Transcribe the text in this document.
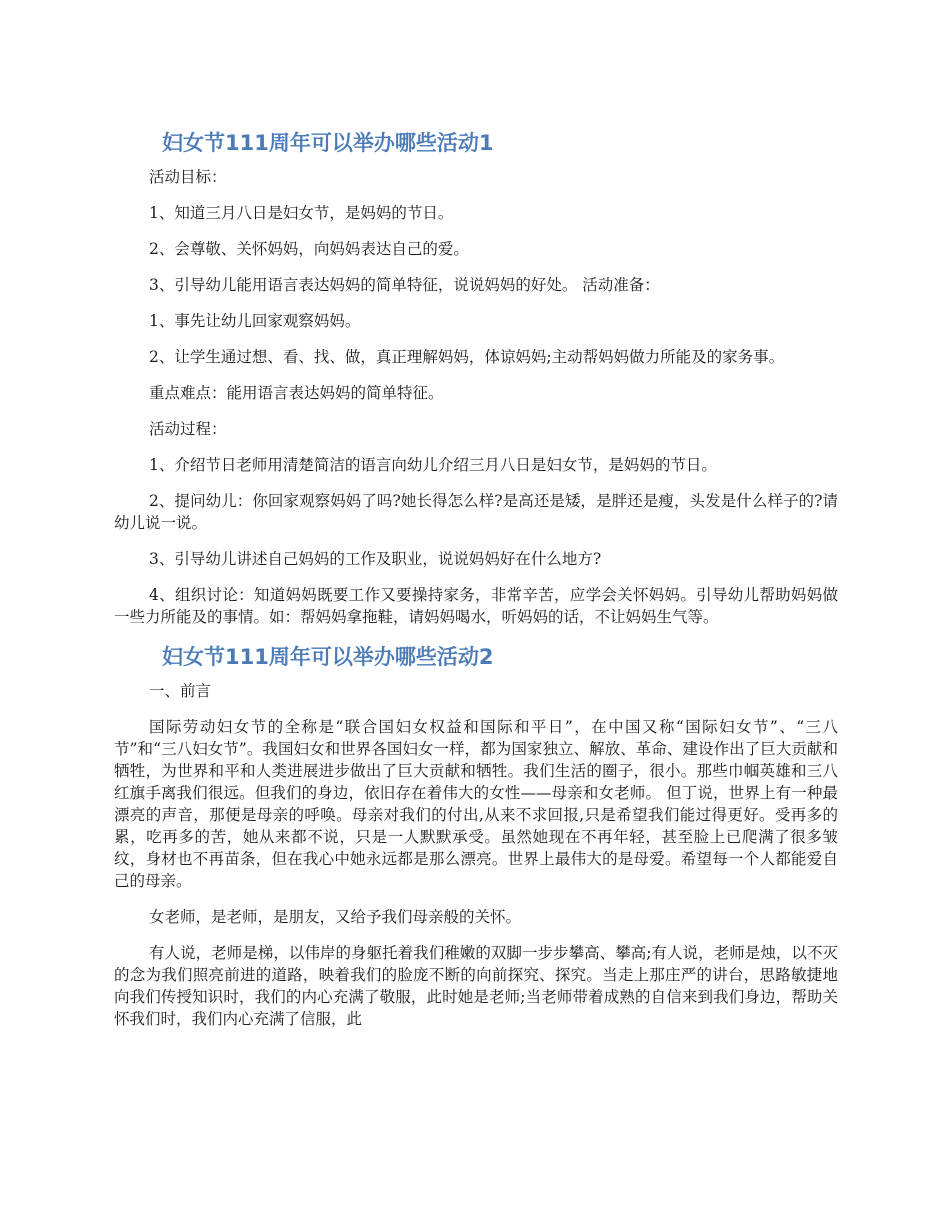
妇女节111周年可以举办哪些活动1

活动目标：

1、知道三月八日是妇女节，是妈妈的节日。

2、会尊敬、关怀妈妈，向妈妈表达自己的爱。

3、引导幼儿能用语言表达妈妈的简单特征，说说妈妈的好处。 活动准备：

1、事先让幼儿回家观察妈妈。

2、让学生通过想、看、找、做，真正理解妈妈，体谅妈妈;主动帮妈妈做力所能及的家务事。

重点难点：能用语言表达妈妈的简单特征。

活动过程：

1、介绍节日老师用清楚简洁的语言向幼儿介绍三月八日是妇女节，是妈妈的节日。

2、提问幼儿：你回家观察妈妈了吗?她长得怎么样?是高还是矮，是胖还是瘦，头发是什么样子的?请幼儿说一说。

3、引导幼儿讲述自己妈妈的工作及职业，说说妈妈好在什么地方?

4、组织讨论：知道妈妈既要工作又要操持家务，非常辛苦，应学会关怀妈妈。引导幼儿帮助妈妈做一些力所能及的事情。如：帮妈妈拿拖鞋，请妈妈喝水，听妈妈的话，不让妈妈生气等。

妇女节111周年可以举办哪些活动2

一、前言

国际劳动妇女节的全称是“联合国妇女权益和国际和平日”，在中国又称“国际妇女节”、“三八节”和“三八妇女节”。我国妇女和世界各国妇女一样，都为国家独立、解放、革命、建设作出了巨大贡献和牺牲，为世界和平和人类进展进步做出了巨大贡献和牺牲。我们生活的圈子，很小。那些巾帼英雄和三八红旗手离我们很远。但我们的身边，依旧存在着伟大的女性——母亲和女老师。 但丁说，世界上有一种最漂亮的声音，那便是母亲的呼唤。母亲对我们的付出,从来不求回报,只是希望我们能过得更好。受再多的累，吃再多的苦，她从来都不说，只是一人默默承受。虽然她现在不再年轻，甚至脸上已爬满了很多皱纹，身材也不再苗条，但在我心中她永远都是那么漂亮。世界上最伟大的是母爱。希望每一个人都能爱自己的母亲。

女老师，是老师，是朋友，又给予我们母亲般的关怀。

有人说，老师是梯，以伟岸的身躯托着我们稚嫩的双脚一步步攀高、攀高;有人说，老师是烛，以不灭的念为我们照亮前进的道路，映着我们的脸庞不断的向前探究、探究。当走上那庄严的讲台，思路敏捷地向我们传授知识时，我们的内心充满了敬服，此时她是老师;当老师带着成熟的自信来到我们身边，帮助关怀我们时，我们内心充满了信服，此
